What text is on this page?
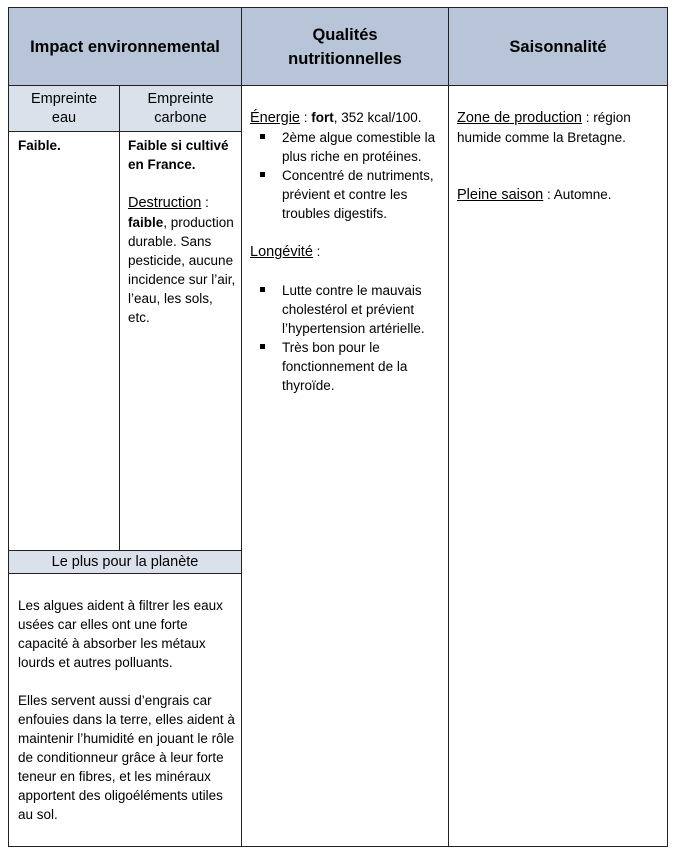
Impact environnemental
Qualités
nutritionnelles
Saisonnalité
Empreinte
eau
Empreinte
carbone
Faible.	Faible si cultivé

en France.

Destruction :

faible, production durable. Sans pesticide, aucune incidence sur l’air, l’eau, les sols, etc.

Énergie : fort, 352 kcal/100.

2ème algue comestible la plus riche en protéines.
Concentré de nutriments, prévient et contre les troubles digestifs.

Longévité :

Lutte contre le mauvais cholestérol et prévient l’hypertension artérielle.
Très bon pour le fonctionnement de la thyroïde.

Zone de production : région humide comme la Bretagne.

Pleine saison : Automne.

Le plus pour la planète

Les algues aident à filtrer les eaux usées car elles ont une forte capacité à absorber les métaux lourds et autres polluants.

Elles servent aussi d’engrais car enfouies dans la terre, elles aident à maintenir l’humidité en jouant le rôle de conditionneur grâce à leur forte teneur en fibres, et les minéraux apportent des oligoéléments utiles au sol.
